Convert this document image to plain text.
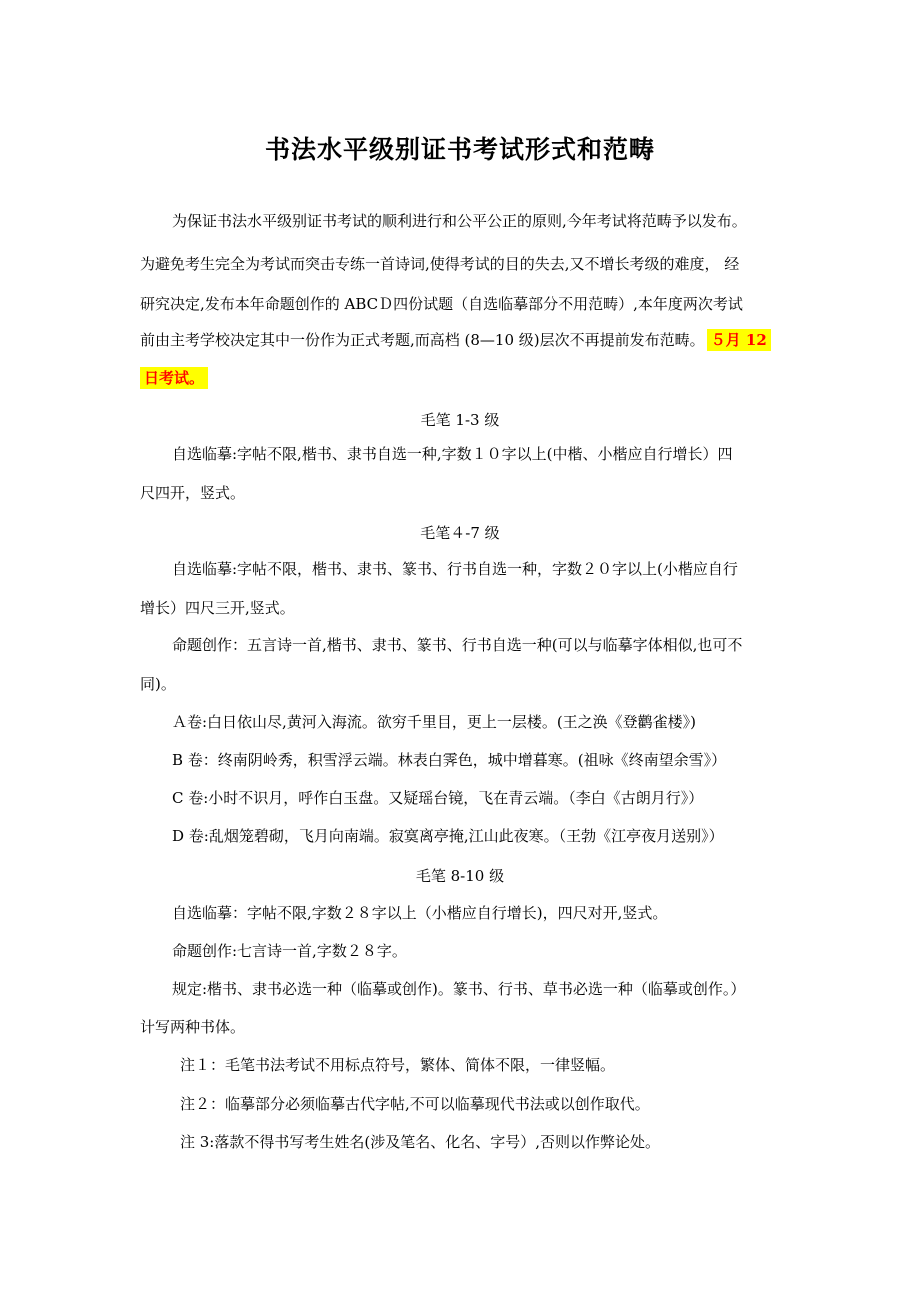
书法水平级别证书考试形式和范畴

为保证书法水平级别证书考试的顺利进行和公平公正的原则,今年考试将范畴予以发布。

为避免考生完全为考试而突击专练一首诗词,使得考试的目的失去,又不增长考级的难度， 经

研究决定,发布本年命题创作的 ABCＤ四份试题（自选临摹部分不用范畴）,本年度两次考试

前由主考学校决定其中一份作为正式考题,而高档 (8—10 级)层次不再提前发布范畴。 ５月 12

日考试。

毛笔 1-3 级

自选临摹:字帖不限,楷书、隶书自选一种,字数１０字以上(中楷、小楷应自行增长）四

尺四开，竖式。

毛笔４-7 级

自选临摹:字帖不限，楷书、隶书、篆书、行书自选一种，字数２０字以上(小楷应自行

增长）四尺三开,竖式。

命题创作：五言诗一首,楷书、隶书、篆书、行书自选一种(可以与临摹字体相似,也可不

同)。

Ａ卷:白日依山尽,黄河入海流。欲穷千里目，更上一层楼。(王之涣《登鹳雀楼》)

B 卷：终南阴岭秀，积雪浮云端。林表白霁色，城中增暮寒。(祖咏《终南望余雪》）

C 卷:小时不识月，呼作白玉盘。又疑瑶台镜，飞在青云端。（李白《古朗月行》）

D 卷:乱烟笼碧砌，飞月向南端。寂寞离亭掩,江山此夜寒。（王勃《江亭夜月送别》）

毛笔 8-10 级

自选临摹：字帖不限,字数２８字以上（小楷应自行增长)，四尺对开,竖式。

命题创作:七言诗一首,字数２８字。

规定:楷书、隶书必选一种（临摹或创作)。篆书、行书、草书必选一种（临摹或创作。）

计写两种书体。

注１：毛笔书法考试不用标点符号，繁体、简体不限，一律竖幅。

注２：临摹部分必须临摹古代字帖,不可以临摹现代书法或以创作取代。

注 3:落款不得书写考生姓名(涉及笔名、化名、字号）,否则以作弊论处。
